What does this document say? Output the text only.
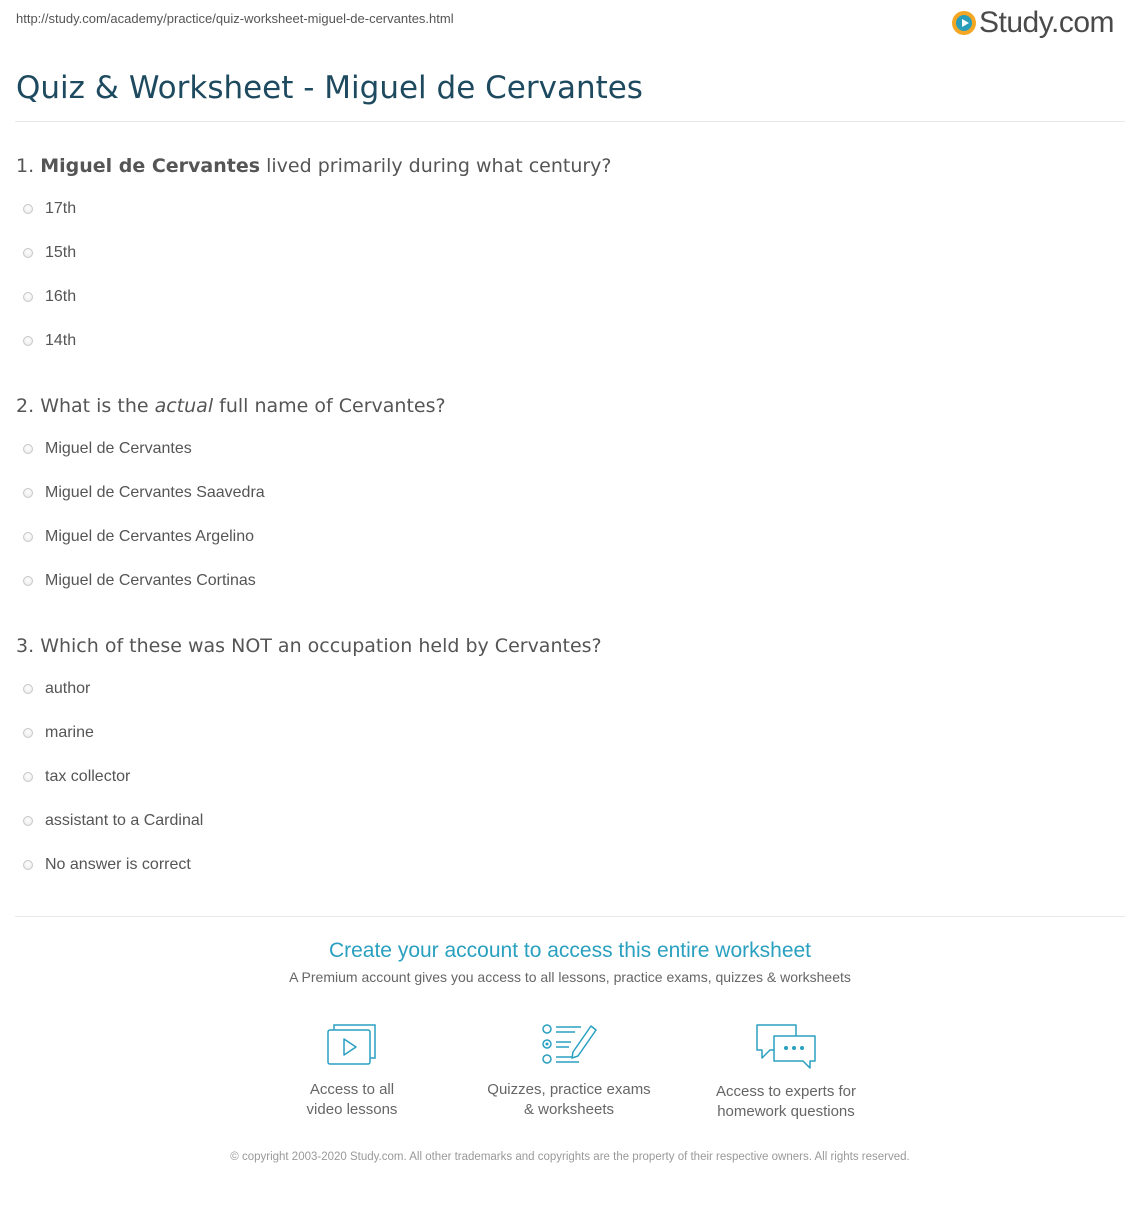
http://study.com/academy/practice/quiz-worksheet-miguel-de-cervantes.html	Study.com
Quiz & Worksheet - Miguel de Cervantes
1. Miguel de Cervantes lived primarily during what century?
17th
15th
16th
14th
2. What is the actual full name of Cervantes?
Miguel de Cervantes
Miguel de Cervantes Saavedra
Miguel de Cervantes Argelino
Miguel de Cervantes Cortinas
3. Which of these was NOT an occupation held by Cervantes?
author
marine
tax collector
assistant to a Cardinal
No answer is correct
Create your account to access this entire worksheet
A Premium account gives you access to all lessons, practice exams, quizzes & worksheets
Access to all
video lessons
Quizzes, practice exams
& worksheets
Access to experts for
homework questions
© copyright 2003-2020 Study.com. All other trademarks and copyrights are the property of their respective owners. All rights reserved.
